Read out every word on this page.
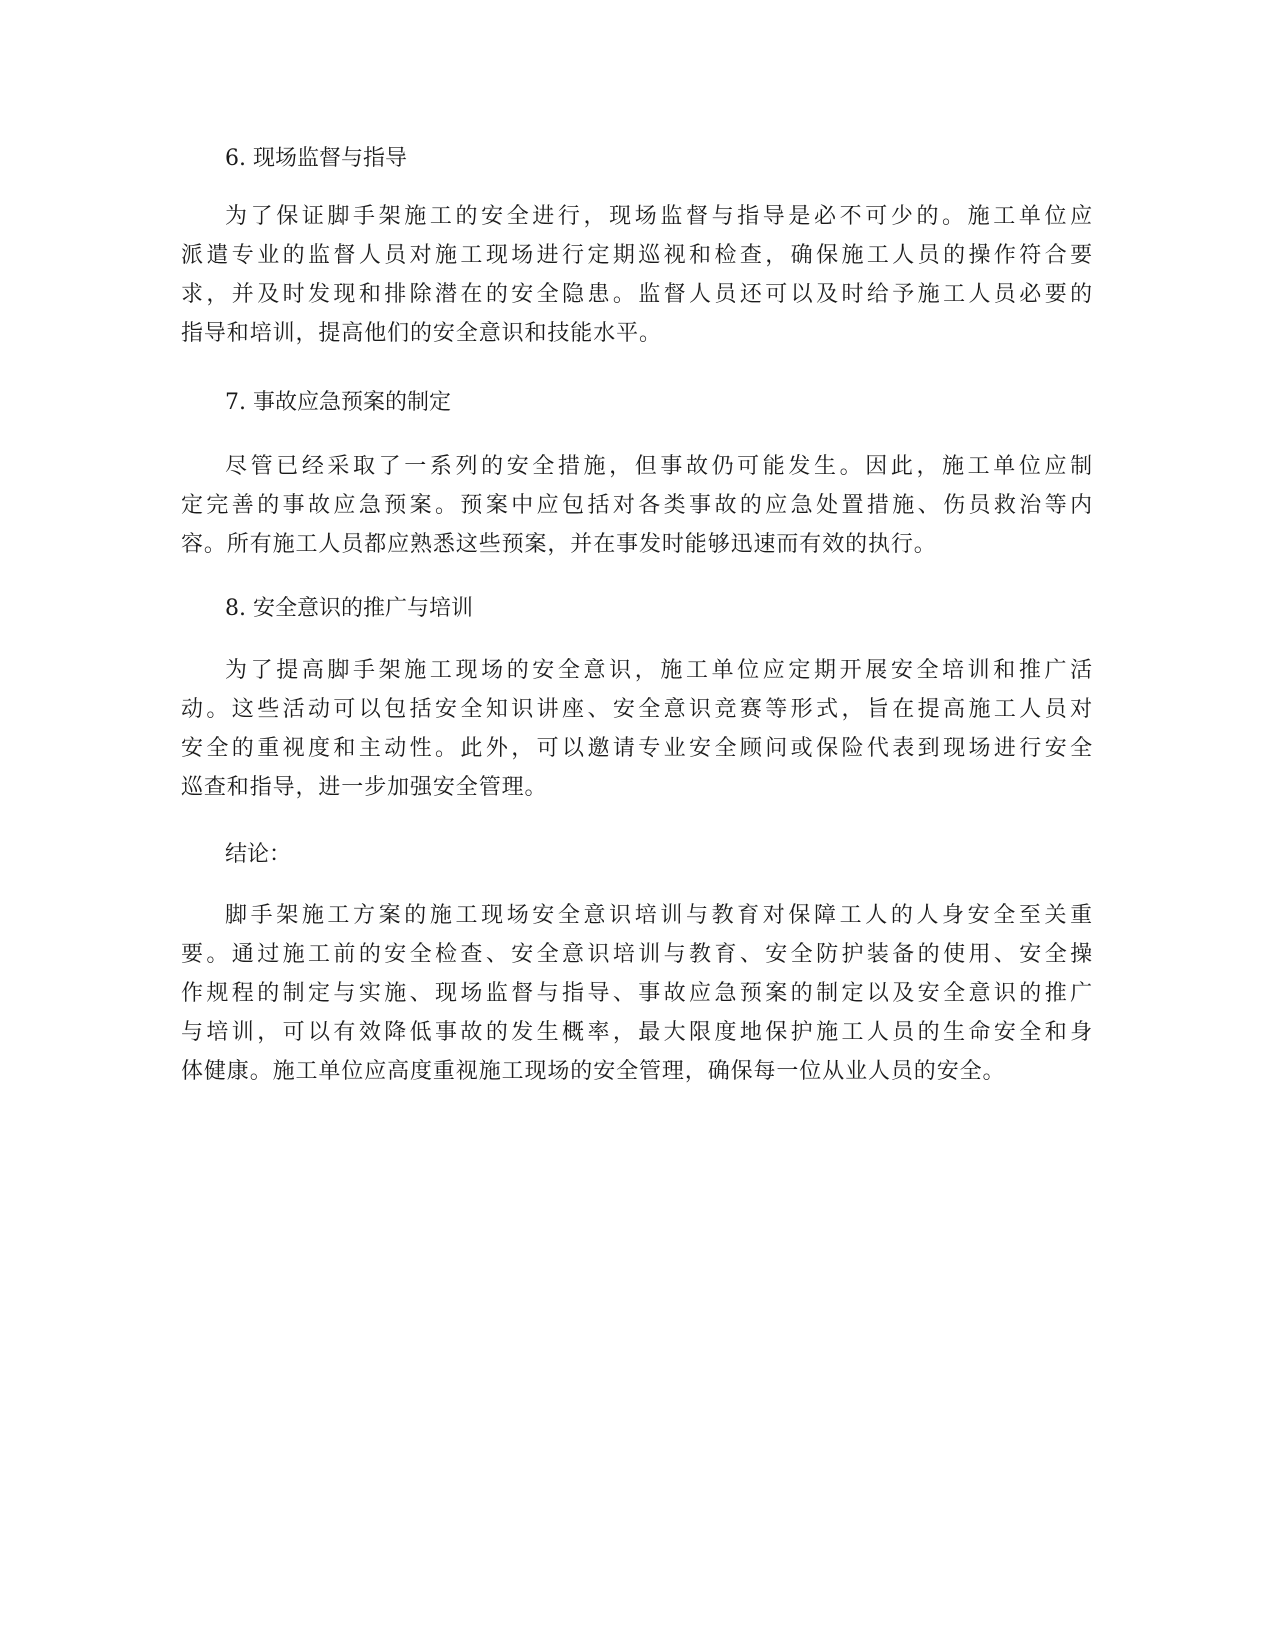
6. 现场监督与指导

为了保证脚手架施工的安全进行，现场监督与指导是必不可少的。施工单位应
派遣专业的监督人员对施工现场进行定期巡视和检查，确保施工人员的操作符合要
求，并及时发现和排除潜在的安全隐患。监督人员还可以及时给予施工人员必要的
指导和培训，提高他们的安全意识和技能水平。

7. 事故应急预案的制定

尽管已经采取了一系列的安全措施，但事故仍可能发生。因此，施工单位应制
定完善的事故应急预案。预案中应包括对各类事故的应急处置措施、伤员救治等内
容。所有施工人员都应熟悉这些预案，并在事发时能够迅速而有效的执行。

8. 安全意识的推广与培训

为了提高脚手架施工现场的安全意识，施工单位应定期开展安全培训和推广活
动。这些活动可以包括安全知识讲座、安全意识竞赛等形式，旨在提高施工人员对
安全的重视度和主动性。此外，可以邀请专业安全顾问或保险代表到现场进行安全
巡查和指导，进一步加强安全管理。

结论：

脚手架施工方案的施工现场安全意识培训与教育对保障工人的人身安全至关重
要。通过施工前的安全检查、安全意识培训与教育、安全防护装备的使用、安全操
作规程的制定与实施、现场监督与指导、事故应急预案的制定以及安全意识的推广
与培训，可以有效降低事故的发生概率，最大限度地保护施工人员的生命安全和身
体健康。施工单位应高度重视施工现场的安全管理，确保每一位从业人员的安全。
